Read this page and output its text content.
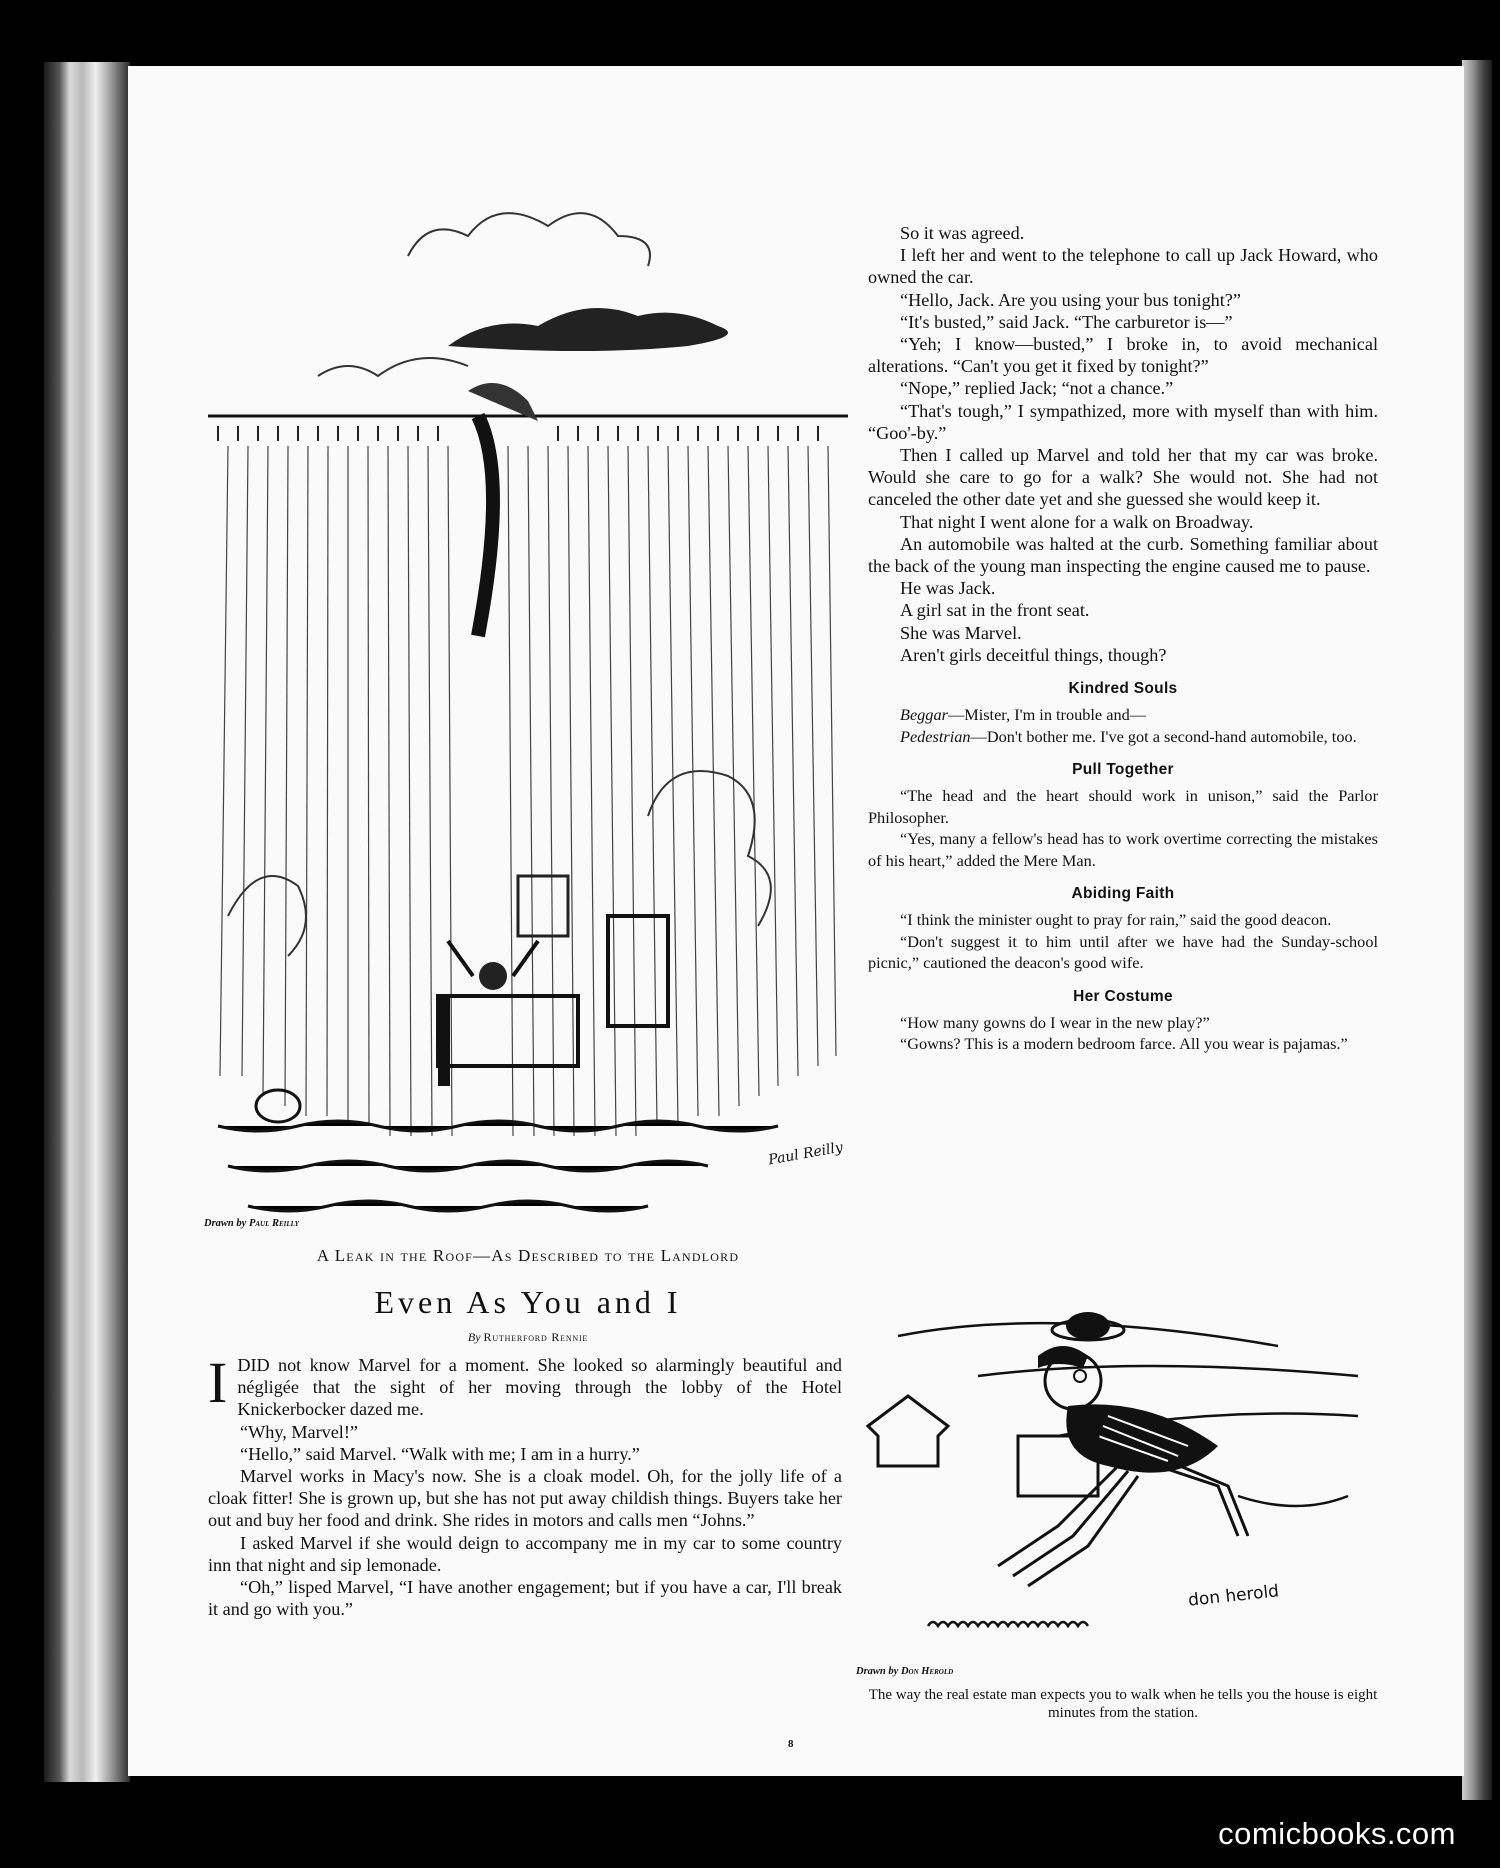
Paul Reilly
Drawn by Paul Reilly
A Leak in the Roof—As Described to the Landlord
Even As You and I
By Rutherford Rennie

IDID not know Marvel for a moment. She looked so alarmingly beautiful and négligée that the sight of her moving through the lobby of the Hotel Knickerbocker dazed me.

“Why, Marvel!”

“Hello,” said Marvel. “Walk with me; I am in a hurry.”

Marvel works in Macy's now. She is a cloak model. Oh, for the jolly life of a cloak fitter! She is grown up, but she has not put away childish things. Buyers take her out and buy her food and drink. She rides in motors and calls men “Johns.”

I asked Marvel if she would deign to accompany me in my car to some country inn that night and sip lemonade.

“Oh,” lisped Marvel, “I have another engagement; but if you have a car, I'll break it and go with you.”

So it was agreed.

I left her and went to the telephone to call up Jack Howard, who owned the car.

“Hello, Jack. Are you using your bus tonight?”

“It's busted,” said Jack. “The carburetor is—”

“Yeh; I know—busted,” I broke in, to avoid mechanical alterations. “Can't you get it fixed by tonight?”

“Nope,” replied Jack; “not a chance.”

“That's tough,” I sympathized, more with myself than with him. “Goo'-by.”

Then I called up Marvel and told her that my car was broke. Would she care to go for a walk? She would not. She had not canceled the other date yet and she guessed she would keep it.

That night I went alone for a walk on Broadway.

An automobile was halted at the curb. Something familiar about the back of the young man inspecting the engine caused me to pause.

He was Jack.

A girl sat in the front seat.

She was Marvel.

Aren't girls deceitful things, though?

Kindred Souls

Beggar—Mister, I'm in trouble and—

Pedestrian—Don't bother me. I've got a second-hand automobile, too.

Pull Together

“The head and the heart should work in unison,” said the Parlor Philosopher.

“Yes, many a fellow's head has to work overtime correcting the mistakes of his heart,” added the Mere Man.

Abiding Faith

“I think the minister ought to pray for rain,” said the good deacon.

“Don't suggest it to him until after we have had the Sunday-school picnic,” cautioned the deacon's good wife.

Her Costume

“How many gowns do I wear in the new play?”

“Gowns? This is a modern bedroom farce. All you wear is pajamas.”

don herold
Drawn by Don Herold
The way the real estate man expects you to walk when he tells you the house is eight minutes from the station.
8
comicbooks.com
